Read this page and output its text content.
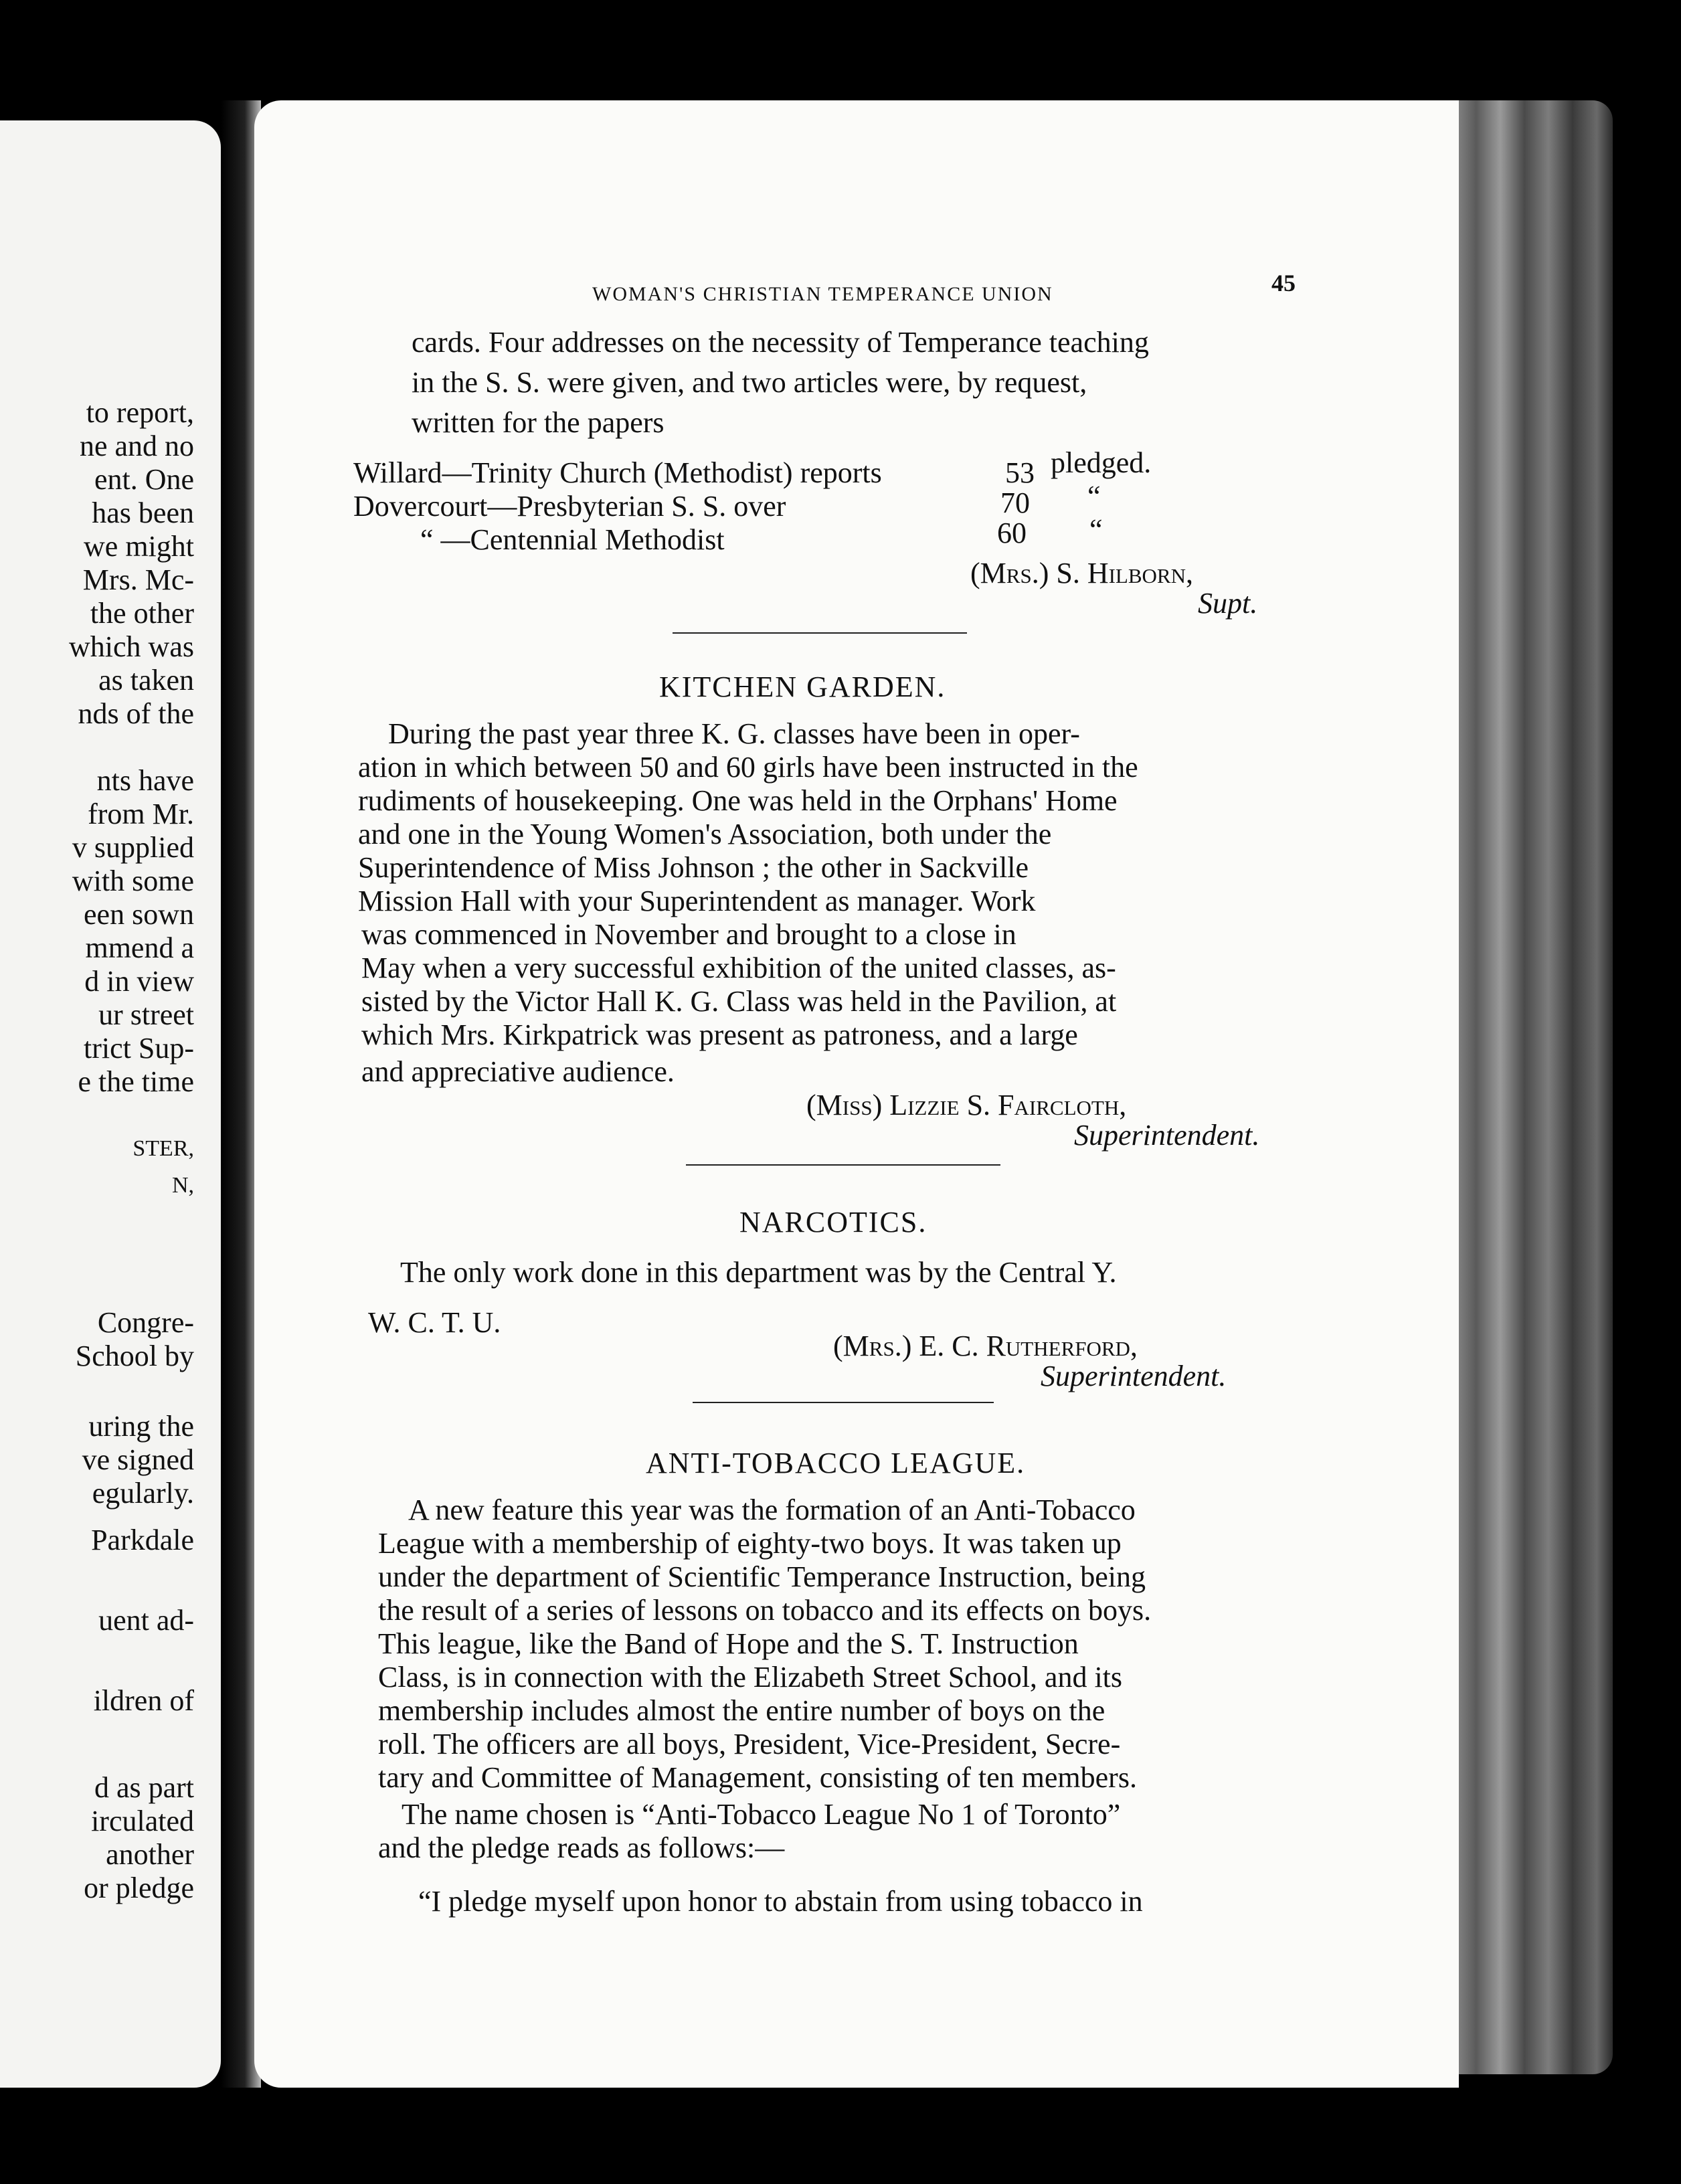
to report,
ne and no
ent. One
has been
we might
Mrs. Mc-
the other
which was
as taken
nds of the
nts have
from Mr.
v supplied
with some
een sown
mmend a
d in view
ur street
trict Sup-
e the time
STER,
N,
Congre-
School by
uring the
ve signed
egularly.
Parkdale
uent ad-
ildren of
d as part
irculated
another
or pledge
WOMAN'S CHRISTIAN TEMPERANCE UNION	45
cards. Four addresses on the necessity of Temperance teaching
in the S. S. were given, and two articles were, by request,
written for the papers
Willard—Trinity Church (Methodist) reports	53 pledged.
Dovercourt—Presbyterian S. S. over	70 “
“ —Centennial Methodist	60 “
(Mrs.) S. Hilborn,
Supt.
KITCHEN GARDEN.
During the past year three K. G. classes have been in oper-
ation in which between 50 and 60 girls have been instructed in the
rudiments of housekeeping. One was held in the Orphans' Home
and one in the Young Women's Association, both under the
Superintendence of Miss Johnson ; the other in Sackville
Mission Hall with your Superintendent as manager. Work
was commenced in November and brought to a close in
May when a very successful exhibition of the united classes, as-
sisted by the Victor Hall K. G. Class was held in the Pavilion, at
which Mrs. Kirkpatrick was present as patroness, and a large
and appreciative audience.
(Miss) Lizzie S. Faircloth,
Superintendent.
NARCOTICS.
The only work done in this department was by the Central Y.
W. C. T. U.
(Mrs.) E. C. Rutherford,
Superintendent.
ANTI-TOBACCO LEAGUE.
A new feature this year was the formation of an Anti-Tobacco
League with a membership of eighty-two boys. It was taken up
under the department of Scientific Temperance Instruction, being
the result of a series of lessons on tobacco and its effects on boys.
This league, like the Band of Hope and the S. T. Instruction
Class, is in connection with the Elizabeth Street School, and its
membership includes almost the entire number of boys on the
roll. The officers are all boys, President, Vice-President, Secre-
tary and Committee of Management, consisting of ten members.
The name chosen is “Anti-Tobacco League No 1 of Toronto”
and the pledge reads as follows:—
“I pledge myself upon honor to abstain from using tobacco in
